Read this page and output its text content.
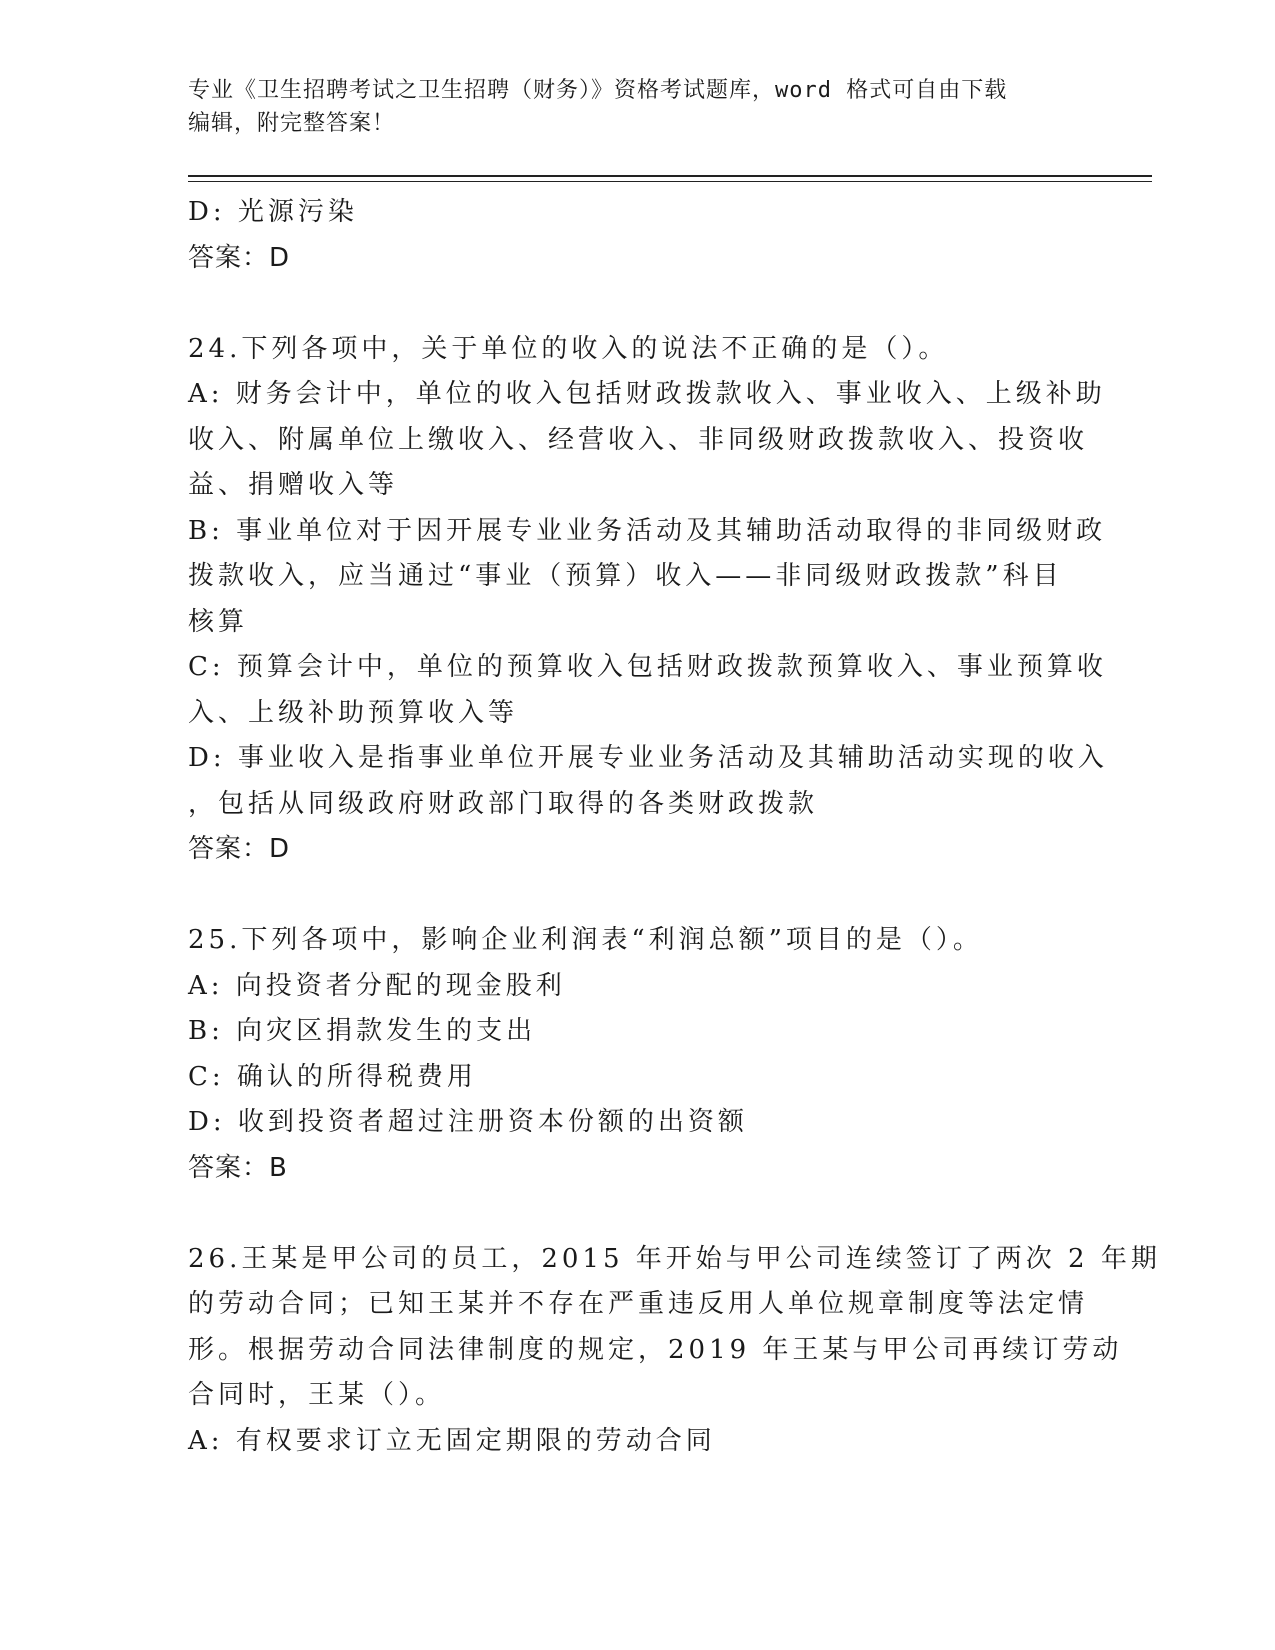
专业《卫生招聘考试之卫生招聘（财务）》资格考试题库，word 格式可自由下载
编辑，附完整答案！
D: 光源污染
答案：D
24.下列各项中，关于单位的收入的说法不正确的是（）。
A: 财务会计中，单位的收入包括财政拨款收入、事业收入、上级补助
收入、附属单位上缴收入、经营收入、非同级财政拨款收入、投资收
益、捐赠收入等
B: 事业单位对于因开展专业业务活动及其辅助活动取得的非同级财政
拨款收入，应当通过“事业（预算）收入——非同级财政拨款”科目
核算
C: 预算会计中，单位的预算收入包括财政拨款预算收入、事业预算收
入、上级补助预算收入等
D: 事业收入是指事业单位开展专业业务活动及其辅助活动实现的收入
，包括从同级政府财政部门取得的各类财政拨款
答案：D
25.下列各项中，影响企业利润表“利润总额”项目的是（）。
A: 向投资者分配的现金股利
B: 向灾区捐款发生的支出
C: 确认的所得税费用
D: 收到投资者超过注册资本份额的出资额
答案：B
26.王某是甲公司的员工，2015 年开始与甲公司连续签订了两次 2 年期
的劳动合同；已知王某并不存在严重违反用人单位规章制度等法定情
形。根据劳动合同法律制度的规定，2019 年王某与甲公司再续订劳动
合同时，王某（）。
A: 有权要求订立无固定期限的劳动合同
